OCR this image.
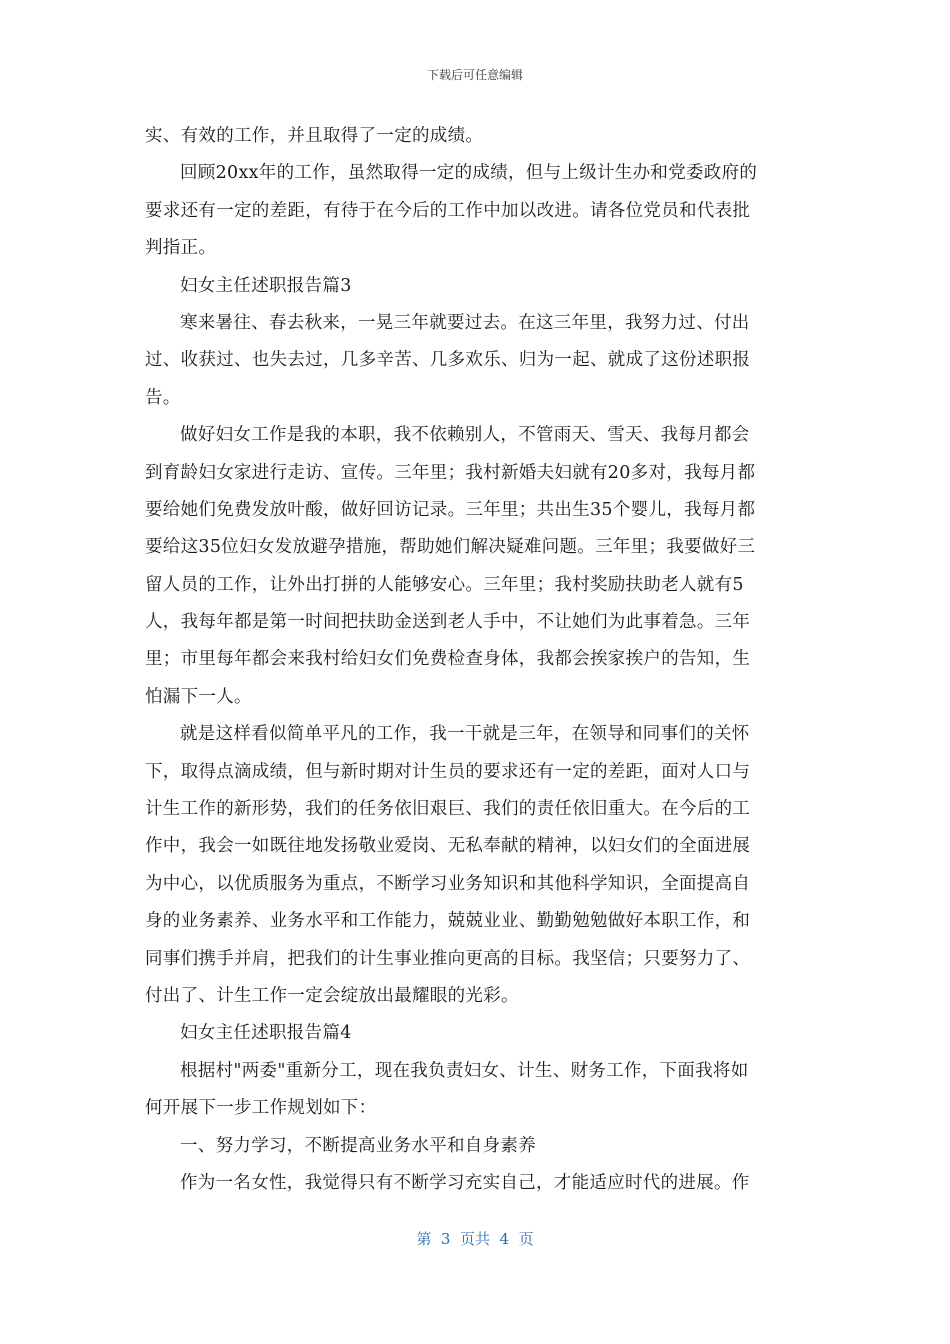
下载后可任意编辑
实、有效的工作，并且取得了一定的成绩。
回顾20xx年的工作，虽然取得一定的成绩，但与上级计生办和党委政府的
要求还有一定的差距，有待于在今后的工作中加以改进。请各位党员和代表批
判指正。
妇女主任述职报告篇3
寒来暑往、春去秋来，一晃三年就要过去。在这三年里，我努力过、付出
过、收获过、也失去过，几多辛苦、几多欢乐、归为一起、就成了这份述职报
告。
做好妇女工作是我的本职，我不依赖别人，不管雨天、雪天、我每月都会
到育龄妇女家进行走访、宣传。三年里；我村新婚夫妇就有20多对，我每月都
要给她们免费发放叶酸，做好回访记录。三年里；共出生35个婴儿，我每月都
要给这35位妇女发放避孕措施，帮助她们解决疑难问题。三年里；我要做好三
留人员的工作，让外出打拼的人能够安心。三年里；我村奖励扶助老人就有5
人，我每年都是第一时间把扶助金送到老人手中，不让她们为此事着急。三年
里；市里每年都会来我村给妇女们免费检查身体，我都会挨家挨户的告知，生
怕漏下一人。
就是这样看似简单平凡的工作，我一干就是三年，在领导和同事们的关怀
下，取得点滴成绩，但与新时期对计生员的要求还有一定的差距，面对人口与
计生工作的新形势，我们的任务依旧艰巨、我们的责任依旧重大。在今后的工
作中，我会一如既往地发扬敬业爱岗、无私奉献的精神，以妇女们的全面进展
为中心，以优质服务为重点，不断学习业务知识和其他科学知识，全面提高自
身的业务素养、业务水平和工作能力，兢兢业业、勤勤勉勉做好本职工作，和
同事们携手并肩，把我们的计生事业推向更高的目标。我坚信；只要努力了、
付出了、计生工作一定会绽放出最耀眼的光彩。
妇女主任述职报告篇4
根据村"两委"重新分工，现在我负责妇女、计生、财务工作，下面我将如
何开展下一步工作规划如下：
一、努力学习，不断提高业务水平和自身素养
作为一名女性，我觉得只有不断学习充实自己，才能适应时代的进展。作
第  3  页共  4  页
